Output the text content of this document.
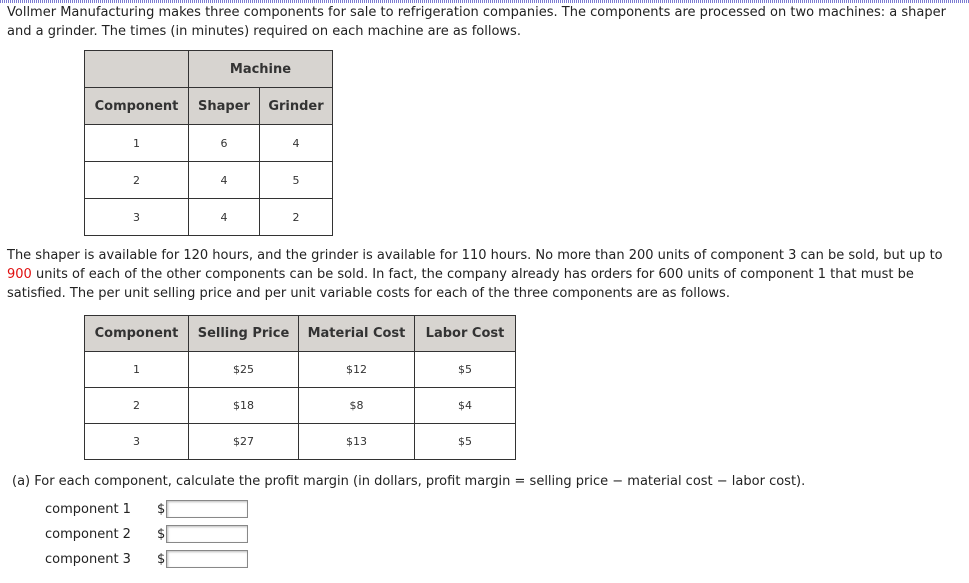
Vollmer Manufacturing makes three components for sale to refrigeration companies. The components are processed on two machines: a shaper
and a grinder. The times (in minutes) required on each machine are as follows.
	Machine	
Component	Shaper	Grinder
1	6	4
2	4	5
3	4	2
The shaper is available for 120 hours, and the grinder is available for 110 hours. No more than 200 units of component 3 can be sold, but up to
900 units of each of the other components can be sold. In fact, the company already has orders for 600 units of component 1 that must be
satisfied. The per unit selling price and per unit variable costs for each of the three components are as follows.
Component	Selling Price	Material Cost	Labor Cost
1	$25	$12	$5
2	$18	$8	$4
3	$27	$13	$5
(a) For each component, calculate the profit margin (in dollars, profit margin = selling price − material cost − labor cost).
component 1 $
component 2 $
component 3 $
